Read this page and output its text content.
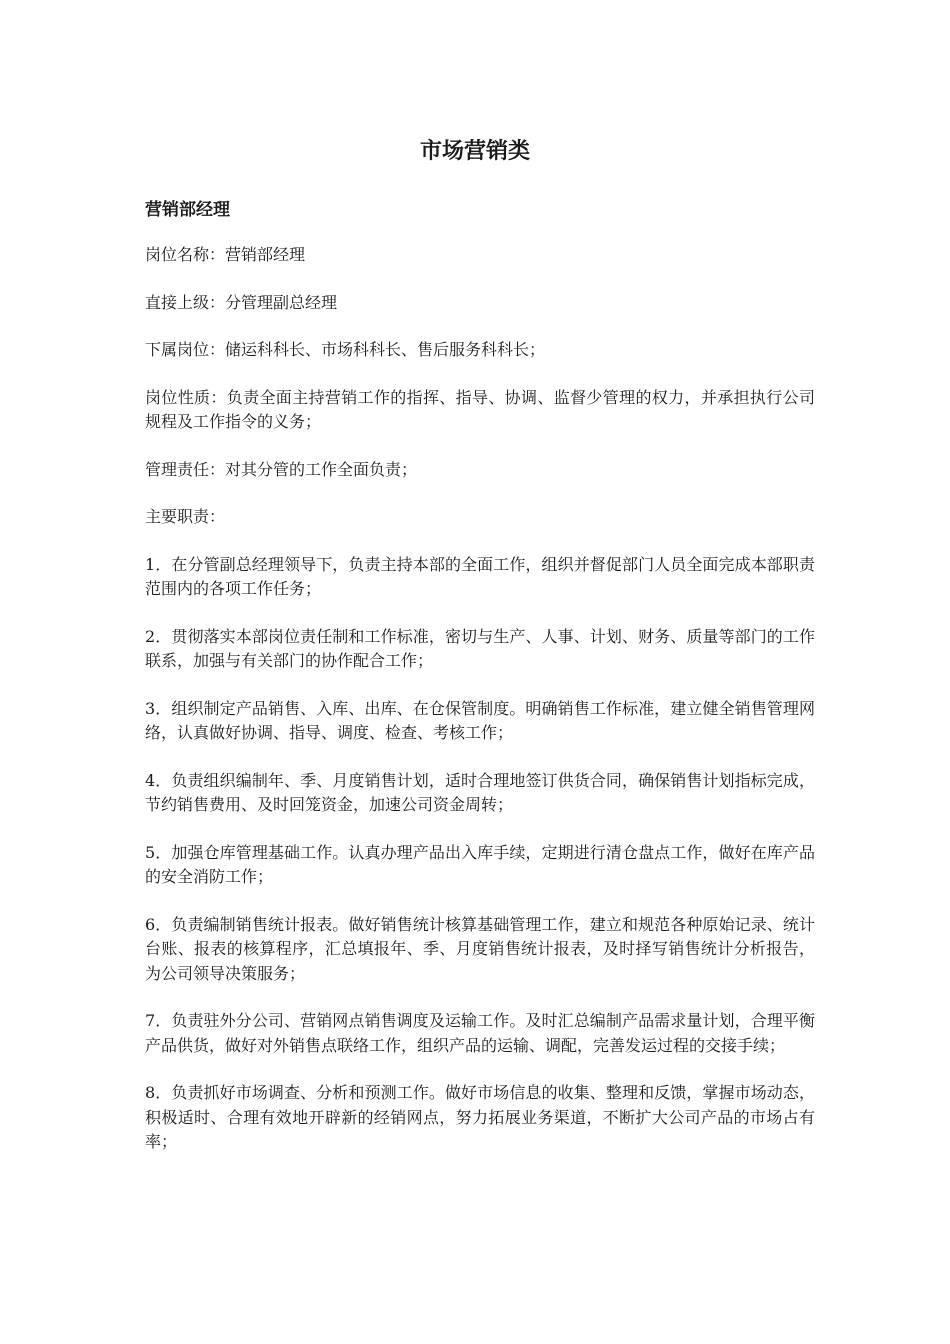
市场营销类
营销部经理

岗位名称：营销部经理

直接上级：分管理副总经理

下属岗位：储运科科长、市场科科长、售后服务科科长；

岗位性质：负责全面主持营销工作的指挥、指导、协调、监督少管理的权力，并承担执行公司规程及工作指令的义务；

管理责任：对其分管的工作全面负责；

主要职责：

1．在分管副总经理领导下，负责主持本部的全面工作，组织并督促部门人员全面完成本部职责范围内的各项工作任务；

2．贯彻落实本部岗位责任制和工作标准，密切与生产、人事、计划、财务、质量等部门的工作联系，加强与有关部门的协作配合工作；

3．组织制定产品销售、入库、出库、在仓保管制度。明确销售工作标准，建立健全销售管理网络，认真做好协调、指导、调度、检查、考核工作；

4．负责组织编制年、季、月度销售计划，适时合理地签订供货合同，确保销售计划指标完成，节约销售费用、及时回笼资金，加速公司资金周转；

5．加强仓库管理基础工作。认真办理产品出入库手续，定期进行清仓盘点工作，做好在库产品的安全消防工作；

6．负责编制销售统计报表。做好销售统计核算基础管理工作，建立和规范各种原始记录、统计台账、报表的核算程序，汇总填报年、季、月度销售统计报表，及时择写销售统计分析报告，为公司领导决策服务；

7．负责驻外分公司、营销网点销售调度及运输工作。及时汇总编制产品需求量计划，合理平衡产品供货，做好对外销售点联络工作，组织产品的运输、调配，完善发运过程的交接手续；

8．负责抓好市场调查、分析和预测工作。做好市场信息的收集、整理和反馈，掌握市场动态，积极适时、合理有效地开辟新的经销网点，努力拓展业务渠道，不断扩大公司产品的市场占有率；
